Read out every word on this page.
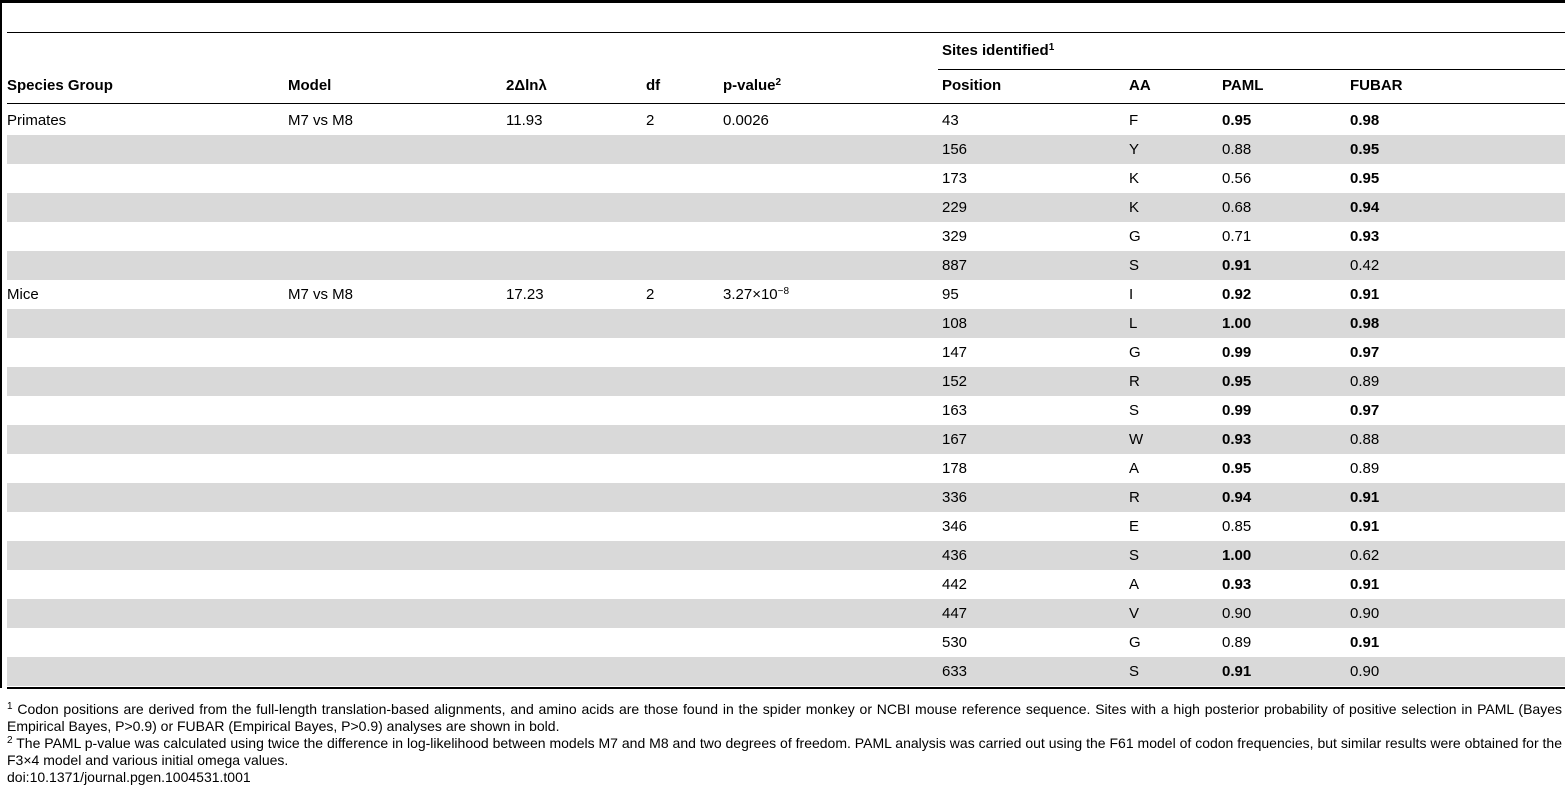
Sites identified$^1$
Species Group	Model	2Δlnλ	df	p-value$^2$	Position	AA	PAML	FUBAR
Primates	M7 vs M8	11.93	2	0.0026	43	F	0.95	0.98
156	Y	0.88	0.95
173	K	0.56	0.95
229	K	0.68	0.94
329	G	0.71	0.93
887	S	0.91	0.42
Mice	M7 vs M8	17.23	2	$3.27\times 10^{-8}$	95	I	0.92	0.91
108	L	1.00	0.98
147	G	0.99	0.97
152	R	0.95	0.89
163	S	0.99	0.97
167	W	0.93	0.88
178	A	0.95	0.89
336	R	0.94	0.91
346	E	0.85	0.91
436	S	1.00	0.62
442	A	0.93	0.91
447	V	0.90	0.90
530	G	0.89	0.91
633	S	0.91	0.90

$^1$ Codon positions are derived from the full-length translation-based alignments, and amino acids are those found in the spider monkey or NCBI mouse reference sequence. Sites with a high posterior probability of positive selection in PAML (Bayes Empirical Bayes, P>0.9) or FUBAR (Empirical Bayes, P>0.9) analyses are shown in bold.

$^2$ The PAML p-value was calculated using twice the difference in log-likelihood between models M7 and M8 and two degrees of freedom. PAML analysis was carried out using the F61 model of codon frequencies, but similar results were obtained for the F3×4 model and various initial omega values.

doi:10.1371/journal.pgen.1004531.t001
